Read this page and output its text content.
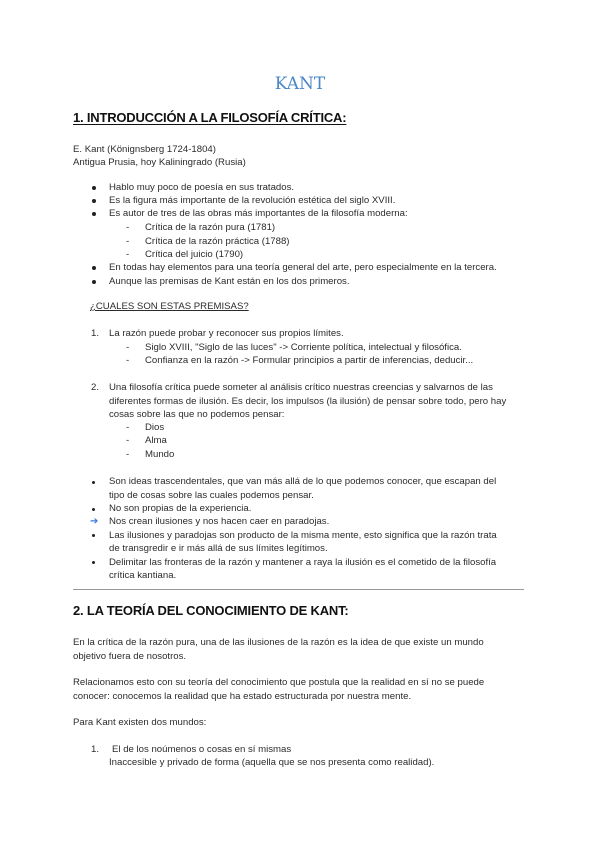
KANT
1. INTRODUCCIÓN A LA FILOSOFÍA CRÍTICA:
E. Kant (Könignsberg 1724-1804)
Antigua Prusia, hoy Kaliningrado (Rusia)
Hablo muy poco de poesía en sus tratados.
Es la figura más importante de la revolución estética del siglo XVIII.
Es autor de tres de las obras más importantes de la filosofía moderna:
- Crítica de la razón pura (1781)
- Crítica de la razón práctica (1788)
- Crítica del juicio (1790)
En todas hay elementos para una teoría general del arte, pero especialmente en la tercera.
Aunque las premisas de Kant están en los dos primeros.
¿CUALES SON ESTAS PREMISAS?
1. La razón puede probar y reconocer sus propios límites.
- Siglo XVIII, "Siglo de las luces" -> Corriente política, intelectual y filosófica.
- Confianza en la razón -> Formular principios a partir de inferencias, deducir...
2. Una filosofía crítica puede someter al análisis crítico nuestras creencias y salvarnos de las
diferentes formas de ilusión. Es decir, los impulsos (la ilusión) de pensar sobre todo, pero hay
cosas sobre las que no podemos pensar:
- Dios
- Alma
- Mundo
Son ideas trascendentales, que van más allá de lo que podemos conocer, que escapan del
tipo de cosas sobre las cuales podemos pensar.
No son propias de la experiencia.
➔ Nos crean ilusiones y nos hacen caer en paradojas.
Las ilusiones y paradojas son producto de la misma mente, esto significa que la razón trata
de transgredir e ir más allá de sus límites legítimos.
Delimitar las fronteras de la razón y mantener a raya la ilusión es el cometido de la filosofía
crítica kantiana.
2. LA TEORÍA DEL CONOCIMIENTO DE KANT:
En la crítica de la razón pura, una de las ilusiones de la razón es la idea de que existe un mundo
objetivo fuera de nosotros.
Relacionamos esto con su teoría del conocimiento que postula que la realidad en sí no se puede
conocer: conocemos la realidad que ha estado estructurada por nuestra mente.
Para Kant existen dos mundos:
1. El de los noúmenos o cosas en sí mismas
Inaccesible y privado de forma (aquella que se nos presenta como realidad).
